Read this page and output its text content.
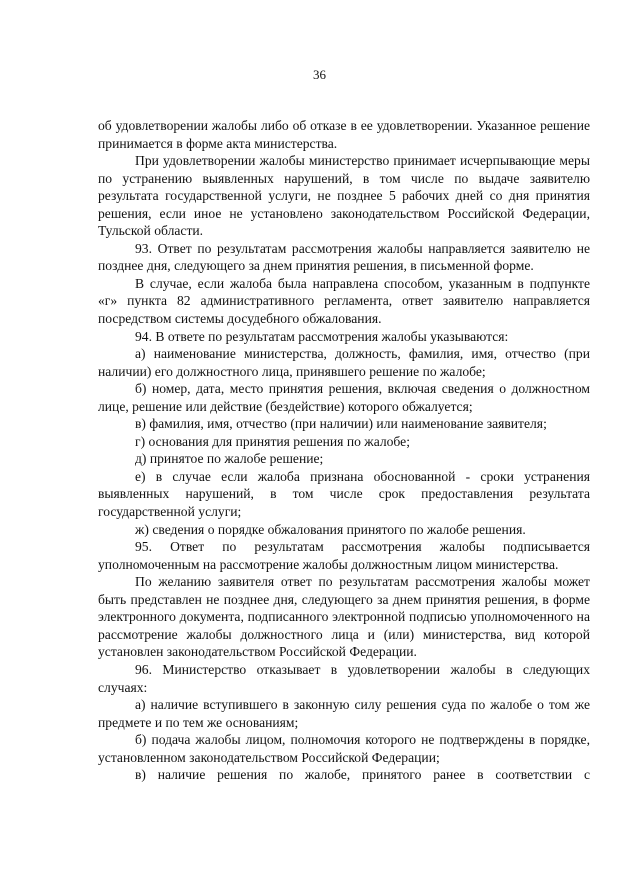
36

об удовлетворении жалобы либо об отказе в ее удовлетворении. Указанное решение принимается в форме акта министерства.

При удовлетворении жалобы министерство принимает исчерпывающие меры по устранению выявленных нарушений, в том числе по выдаче заявителю результата государственной услуги, не позднее 5 рабочих дней со дня принятия решения, если иное не установлено законодательством Российской Федерации, Тульской области.

93. Ответ по результатам рассмотрения жалобы направляется заявителю не позднее дня, следующего за днем принятия решения, в письменной форме.

В случае, если жалоба была направлена способом, указанным в подпункте «г» пункта 82 административного регламента, ответ заявителю направляется посредством системы досудебного обжалования.

94. В ответе по результатам рассмотрения жалобы указываются:

а) наименование министерства, должность, фамилия, имя, отчество (при наличии) его должностного лица, принявшего решение по жалобе;

б) номер, дата, место принятия решения, включая сведения о должностном лице, решение или действие (бездействие) которого обжалуется;

в) фамилия, имя, отчество (при наличии) или наименование заявителя;

г) основания для принятия решения по жалобе;

д) принятое по жалобе решение;

е) в случае если жалоба признана обоснованной - сроки устранения выявленных нарушений, в том числе срок предоставления результата государственной услуги;

ж) сведения о порядке обжалования принятого по жалобе решения.

95. Ответ по результатам рассмотрения жалобы подписывается уполномоченным на рассмотрение жалобы должностным лицом министерства.

По желанию заявителя ответ по результатам рассмотрения жалобы может быть представлен не позднее дня, следующего за днем принятия решения, в форме электронного документа, подписанного электронной подписью уполномоченного на рассмотрение жалобы должностного лица и (или) министерства, вид которой установлен законодательством Российской Федерации.

96. Министерство отказывает в удовлетворении жалобы в следующих случаях:

а) наличие вступившего в законную силу решения суда по жалобе о том же предмете и по тем же основаниям;

б) подача жалобы лицом, полномочия которого не подтверждены в порядке, установленном законодательством Российской Федерации;

в) наличие решения по жалобе, принятого ранее в соответствии с
